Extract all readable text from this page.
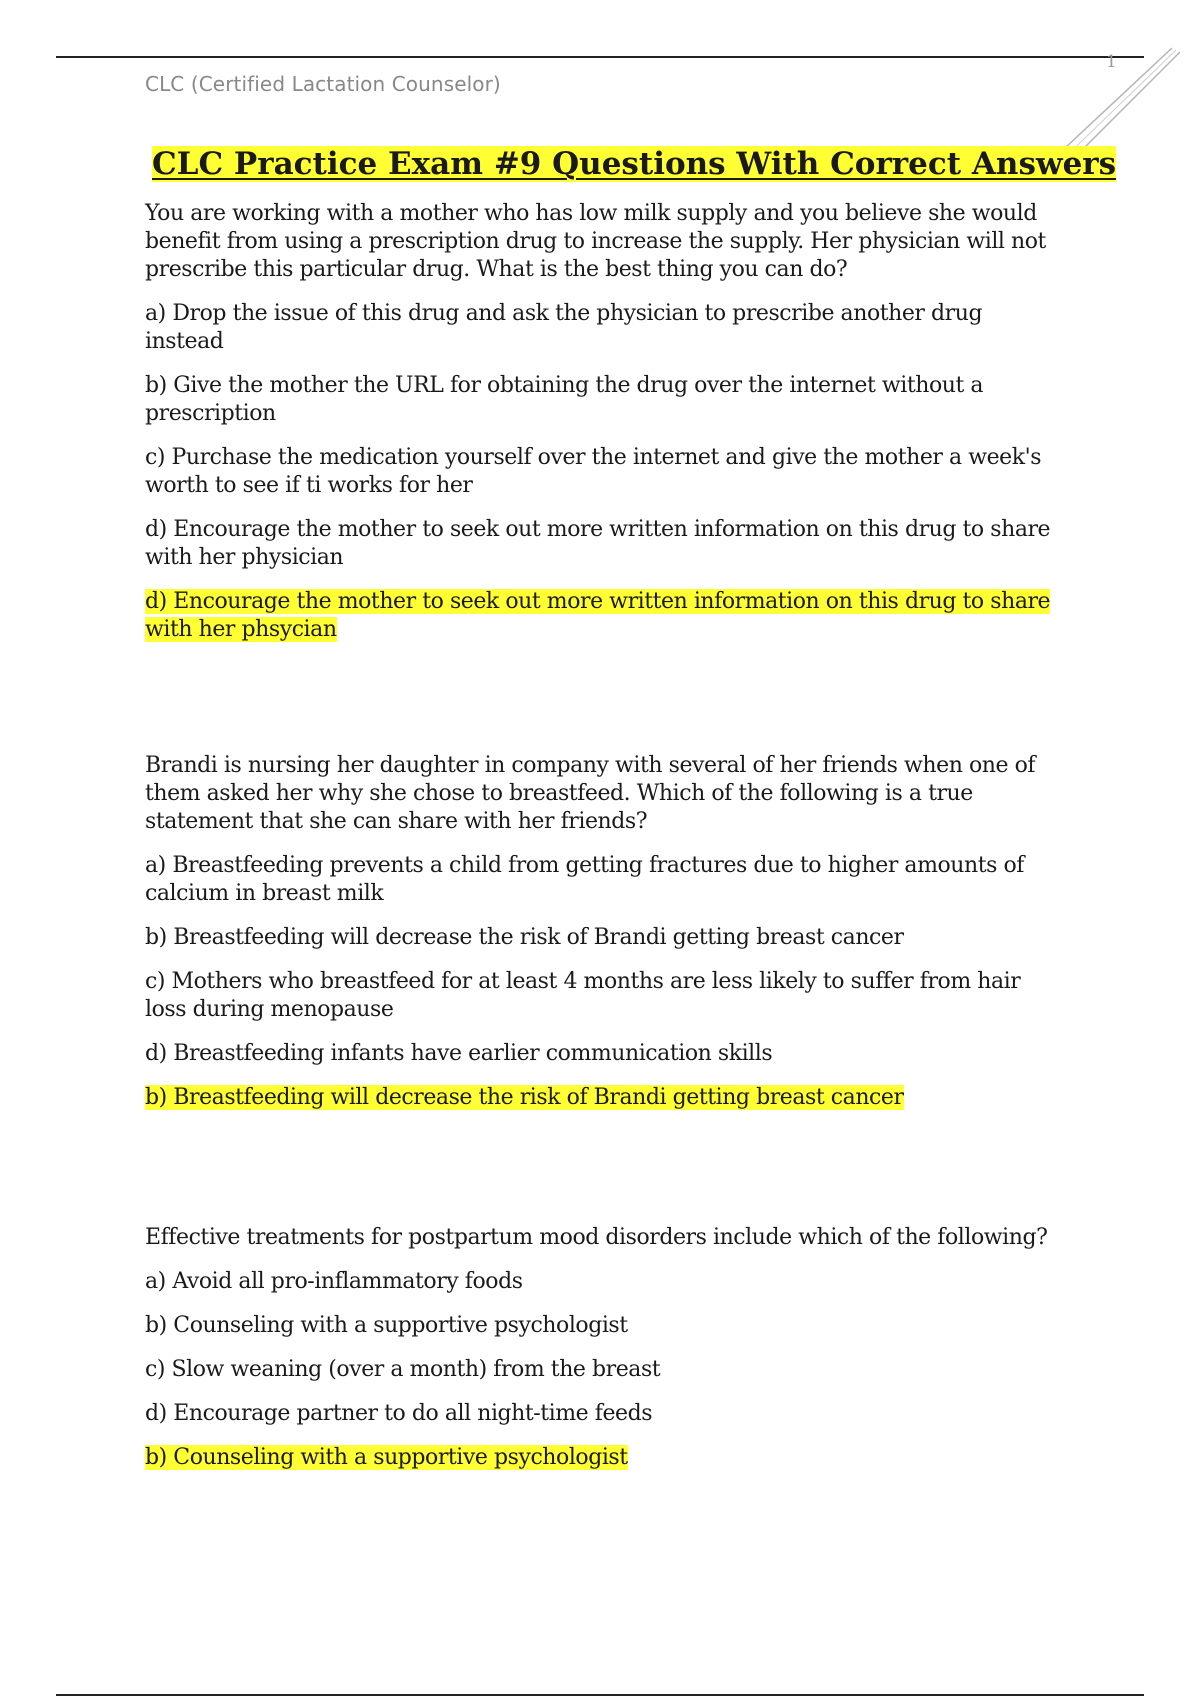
1
CLC (Certified Lactation Counselor)
CLC Practice Exam #9 Questions With Correct Answers

You are working with a mother who has low milk supply and you believe she would benefit from using a prescription drug to increase the supply. Her physician will not prescribe this particular drug. What is the best thing you can do?

a) Drop the issue of this drug and ask the physician to prescribe another drug instead

b) Give the mother the URL for obtaining the drug over the internet without a prescription

c) Purchase the medication yourself over the internet and give the mother a week's worth to see if ti works for her

d) Encourage the mother to seek out more written information on this drug to share with her physician

d) Encourage the mother to seek out more written information on this drug to share with her phsycian

Brandi is nursing her daughter in company with several of her friends when one of them asked her why she chose to breastfeed. Which of the following is a true statement that she can share with her friends?

a) Breastfeeding prevents a child from getting fractures due to higher amounts of calcium in breast milk

b) Breastfeeding will decrease the risk of Brandi getting breast cancer

c) Mothers who breastfeed for at least 4 months are less likely to suffer from hair loss during menopause

d) Breastfeeding infants have earlier communication skills

b) Breastfeeding will decrease the risk of Brandi getting breast cancer

Effective treatments for postpartum mood disorders include which of the following?

a) Avoid all pro-inflammatory foods

b) Counseling with a supportive psychologist

c) Slow weaning (over a month) from the breast

d) Encourage partner to do all night-time feeds

b) Counseling with a supportive psychologist
